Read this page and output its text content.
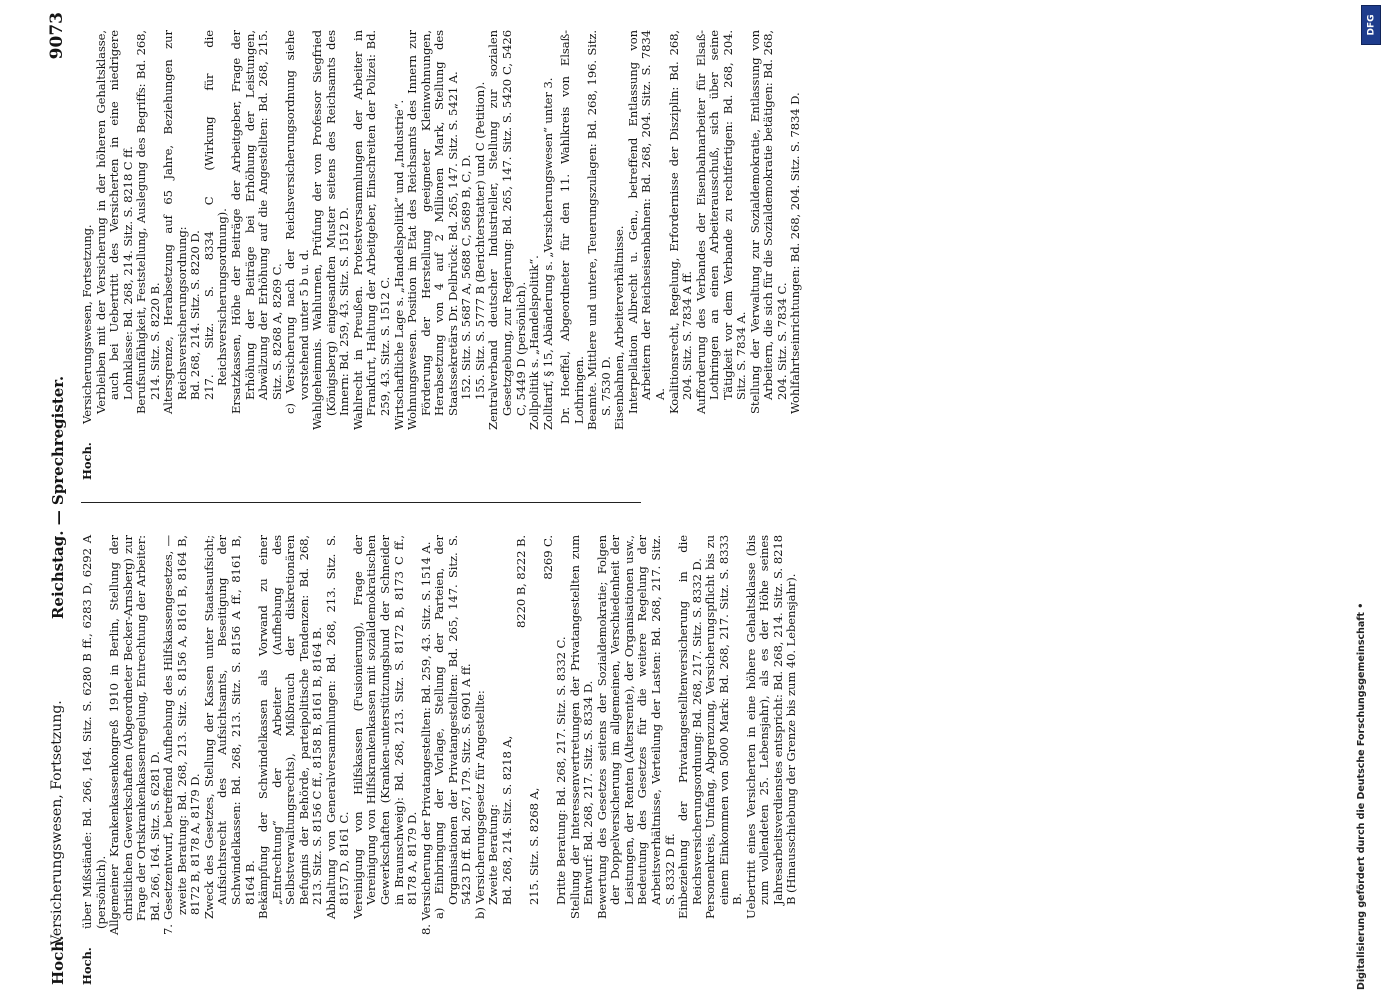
Hoch.
Versicherungswesen, Fortsetzung.
Reichstag. — Sprechregister.
9073
Hoch.
über Mißstände: Bd. 266, 164. Sitz. S. 6280 B ff., 6283 D, 6292 A (persönlich). Allgemeiner Krankenkassenkongreß 1910 in Berlin, Stellung der christlichen Gewerkschaften (Abgeordneter Becker-Arnsberg) zur Frage der Ortskrankenkassenregelung, Entrechtung der Arbeiter: Bd. 266, 164. Sitz. S. 6281 D. 7. Gesetzentwurf, betreffend Aufhebung des Hilfskassengesetzes, — zweite Beratung: Bd. 268, 213. Sitz. S. 8156 A, 8161 B, 8164 B, 8172 B, 8178 A, 8179 D. Zweck des Gesetzes, Stellung der Kassen unter Staatsaufsicht; Aufsichtsrecht des Aufsichtsamts, Beseitigung der Schwindelkassen: Bd. 268, 213. Sitz. S. 8156 A ff., 8161 B, 8164 B. Bekämpfung der Schwindelkassen als Vorwand zu einer „Entrechtung“ der Arbeiter (Aufhebung des Selbstverwaltungsrechts), Mißbrauch der diskretionären Befugnis der Behörde, parteipolitische Tendenzen: Bd. 268, 213. Sitz. S. 8156 C ff., 8158 B, 8161 B, 8164 B. Abhaltung von Generalversammlungen: Bd. 268, 213. Sitz. S. 8157 D, 8161 C. Vereinigung von Hilfskassen (Fusionierung), Frage der Vereinigung von Hilfskrankenkassen mit sozialdemokratischen Gewerkschaften (Kranken-unterstützungsbund der Schneider in Braunschweig): Bd. 268, 213. Sitz. S. 8172 B, 8173 C ff., 8178 A, 8179 D. 8. Versicherung der Privatangestellten: Bd. 259, 43. Sitz. S. 1514 A. a) Einbringung der Vorlage, Stellung der Parteien, der Organisationen der Privatangestellten: Bd. 265, 147. Sitz. S. 5423 D ff. Bd. 267, 179. Sitz. S. 6901 A ff. b) Versicherungsgesetz für Angestellte: Zweite Beratung: Bd. 268, 214. Sitz. S. 8218 A,
8220 B, 8222 B.
215. Sitz. S. 8268 A,
8269 C.
Dritte Beratung: Bd. 268, 217. Sitz. S. 8332 C. Stellung der Interessenvertretungen der Privatangestellten zum Entwurf: Bd. 268, 217. Sitz. S. 8334 D. Bewertung des Gesetzes seitens der Sozialdemokratie; Folgen der Doppelversicherung im allgemeinen, Verschiedenheit der Leistungen, der Renten (Altersrente), der Organisationen usw., Bedeutung des Gesetzes für die weitere Regelung der Arbeitsverhältnisse, Verteilung der Lasten: Bd. 268, 217. Sitz. S. 8332 D ff. Einbeziehung der Privatangestelltenversicherung in die Reichsversicherungsordnung: Bd. 268, 217. Sitz. S. 8332 D. Personenkreis, Umfang, Abgrenzung, Versicherungspflicht bis zu einem Einkommen von 5000 Mark: Bd. 268, 217. Sitz. S. 8333 B. Uebertritt eines Versicherten in eine höhere Gehaltsklasse (bis zum vollendeten 25. Lebensjahr), als es der Höhe seines Jahresarbeitsverdienstes entspricht: Bd. 268, 214. Sitz. S. 8218 B (Hinausschiebung der Grenze bis zum 40. Lebensjahr).
Hoch.
Versicherungswesen, Fortsetzung. Verbleiben mit der Versicherung in der höheren Gehaltsklasse, auch bei Uebertritt des Versicherten in eine niedrigere Lohnklasse: Bd. 268, 214. Sitz. S. 8218 C ff. Berufsunfähigkeit, Feststellung, Auslegung des Begriffs: Bd. 268, 214. Sitz. S. 8220 B. Altersgrenze, Herabsetzung auf 65 Jahre, Beziehungen zur Reichsversicherungsordnung: Bd. 268, 214. Sitz. S. 8220 D. 217. Sitz. S. 8334 C (Wirkung für die Reichsversicherungsordnung). Ersatzkassen, Höhe der Beiträge der Arbeitgeber, Frage der Erhöhung der Beiträge bei Erhöhung der Leistungen, Abwälzung der Erhöhung auf die Angestellten: Bd. 268, 215. Sitz. S. 8268 A, 8269 C. c) Versicherung nach der Reichsversicherungsordnung siehe vorstehend unter 5 b u. d. Wahlgeheimnis. Wahlurnen, Prüfung der von Professor Siegfried (Königsberg) eingesandten Muster seitens des Reichsamts des Innern: Bd. 259, 43. Sitz. S. 1512 D. Wahlrecht in Preußen. Protestversammlungen der Arbeiter in Frankfurt, Haltung der Arbeitgeber, Einschreiten der Polizei: Bd. 259, 43. Sitz. S. 1512 C. Wirtschaftliche Lage s. „Handelspolitik“ und „Industrie“. Wohnungswesen. Position im Etat des Reichsamts des Innern zur Förderung der Herstellung geeigneter Kleinwohnungen, Herabsetzung von 4 auf 2 Millionen Mark, Stellung des Staatssekretärs Dr. Delbrück: Bd. 265, 147. Sitz. S. 5421 A. 152. Sitz. S. 5687 A, 5688 C, 5689 B, C, D. 155. Sitz. S. 5777 B (Berichterstatter) und C (Petition). Zentralverband deutscher Industrieller, Stellung zur sozialen Gesetzgebung, zur Regierung: Bd. 265, 147. Sitz. S. 5420 C, 5426 C, 5449 D (persönlich). Zollpolitik s. „Handelspolitik“. Zolltarif, § 15, Abänderung s. „Versicherungswesen“ unter 3. Dr. Hoeffel, Abgeordneter für den 11. Wahlkreis von Elsaß-Lothringen. Beamte. Mittlere und untere, Teuerungszulagen: Bd. 268, 196. Sitz. S. 7530 D. Eisenbahnen, Arbeiterverhältnisse. Interpellation Albrecht u. Gen., betreffend Entlassung von Arbeitern der Reichseisenbahnen: Bd. 268, 204. Sitz. S. 7834 A. Koalitionsrecht, Regelung, Erfordernisse der Disziplin: Bd. 268, 204. Sitz. S. 7834 A ff. Aufforderung des Verbandes der Eisenbahnarbeiter für Elsaß-Lothringen an einen Arbeiterausschuß, sich über seine Tätigkeit vor dem Verbande zu rechtfertigen: Bd. 268, 204. Sitz. S. 7834 A. Stellung der Verwaltung zur Sozialdemokratie, Entlassung von Arbeitern, die sich für die Sozialdemokratie betätigen: Bd. 268, 204. Sitz. S. 7834 C. Wohlfahrtseinrichtungen: Bd. 268, 204. Sitz. S. 7834 D.
DFG
Digitalisierung gefördert durch die Deutsche Forschungsgemeinschaft •
